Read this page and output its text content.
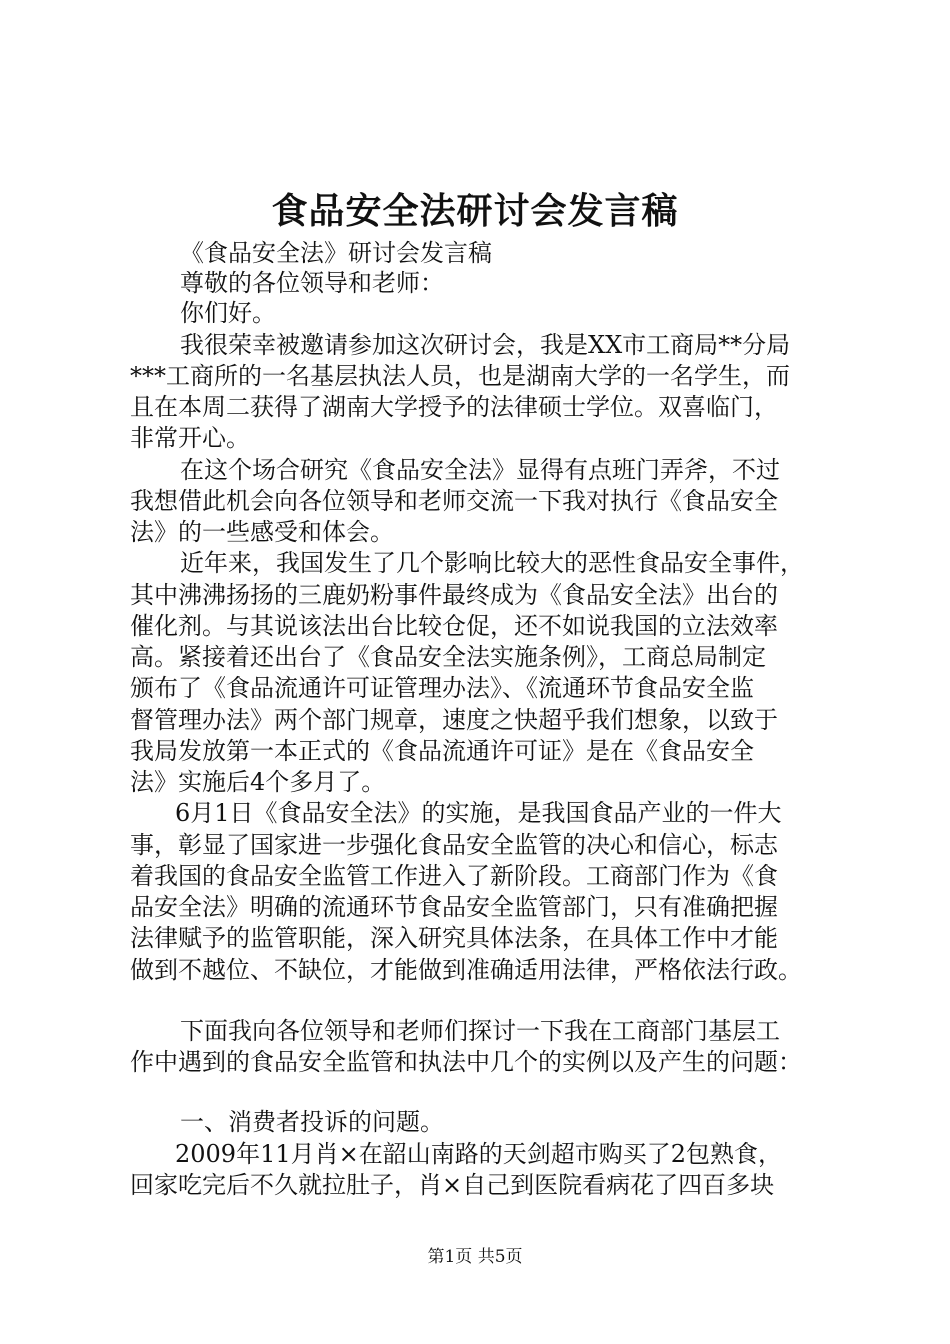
食品安全法研讨会发言稿
《食品安全法》研讨会发言稿
尊敬的各位领导和老师：
你们好。
我很荣幸被邀请参加这次研讨会，我是XX市工商局**分局
***工商所的一名基层执法人员，也是湖南大学的一名学生，而
且在本周二获得了湖南大学授予的法律硕士学位。双喜临门，
非常开心。
在这个场合研究《食品安全法》显得有点班门弄斧，不过
我想借此机会向各位领导和老师交流一下我对执行《食品安全
法》的一些感受和体会。
近年来，我国发生了几个影响比较大的恶性食品安全事件，
其中沸沸扬扬的三鹿奶粉事件最终成为《食品安全法》出台的
催化剂。与其说该法出台比较仓促，还不如说我国的立法效率
高。紧接着还出台了《食品安全法实施条例》，工商总局制定
颁布了《食品流通许可证管理办法》、《流通环节食品安全监
督管理办法》两个部门规章，速度之快超乎我们想象，以致于
我局发放第一本正式的《食品流通许可证》是在《食品安全
法》实施后4个多月了。
6月1日《食品安全法》的实施，是我国食品产业的一件大
事，彰显了国家进一步强化食品安全监管的决心和信心，标志
着我国的食品安全监管工作进入了新阶段。工商部门作为《食
品安全法》明确的流通环节食品安全监管部门，只有准确把握
法律赋予的监管职能，深入研究具体法条，在具体工作中才能
做到不越位、不缺位，才能做到准确适用法律，严格依法行政。
下面我向各位领导和老师们探讨一下我在工商部门基层工
作中遇到的食品安全监管和执法中几个的实例以及产生的问题：
一、消费者投诉的问题。
2009年11月肖×在韶山南路的天剑超市购买了2包熟食，
回家吃完后不久就拉肚子，肖×自己到医院看病花了四百多块
第1页 共5页
